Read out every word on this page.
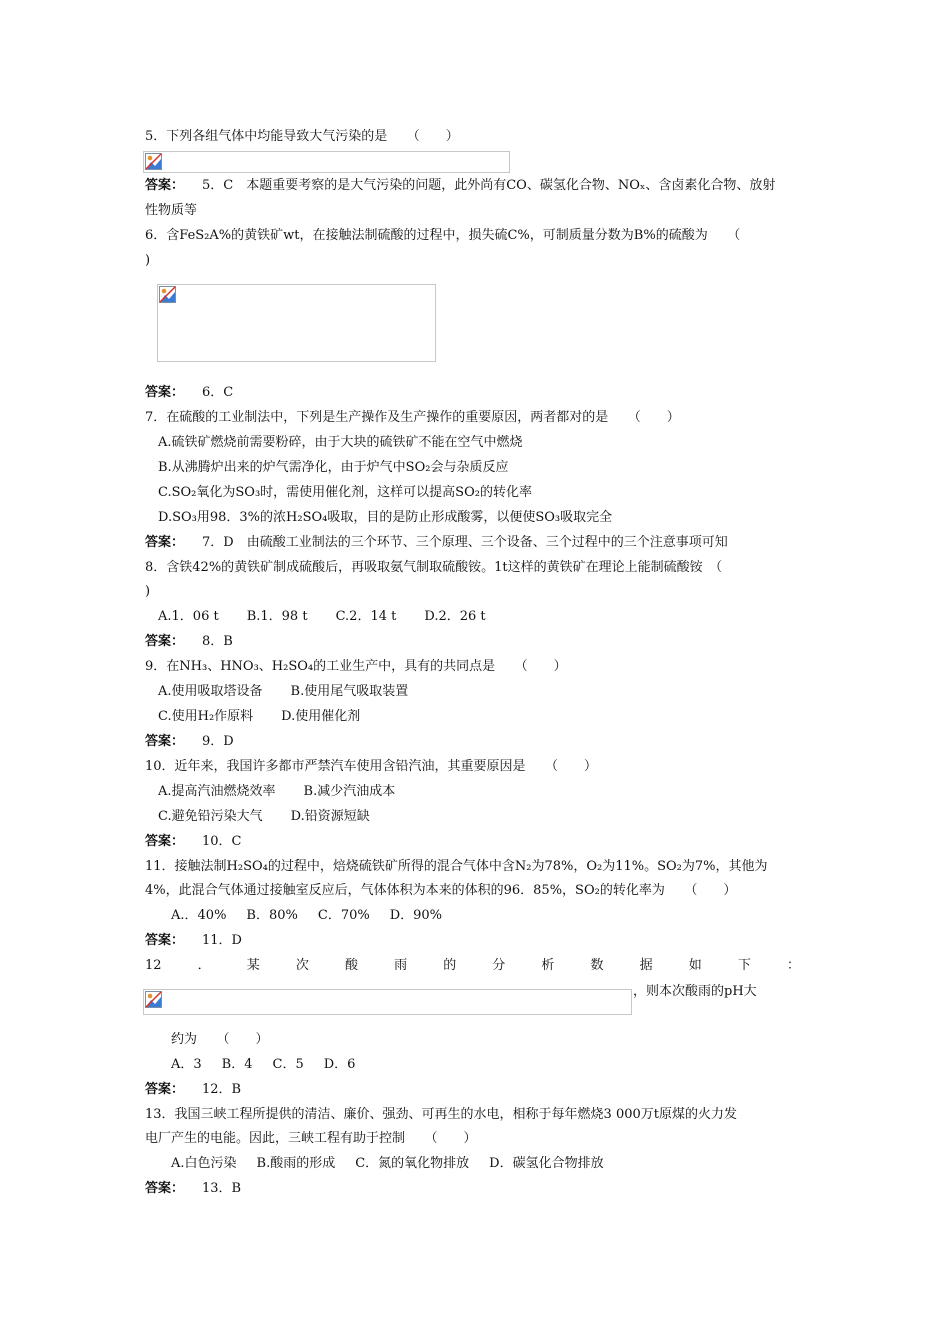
5．下列各组气体中均能导致大气污染的是　　（　　）
答案： 5．C　本题重要考察的是大气污染的问题，此外尚有CO、碳氢化合物、NOₓ、含卤素化合物、放射
性物质等
6．含FeS₂A%的黄铁矿wt，在接触法制硫酸的过程中，损失硫C%，可制质量分数为B%的硫酸为　　（
)
答案： 6．C
7．在硫酸的工业制法中，下列是生产操作及生产操作的重要原因，两者都对的是　　（　　）
A.硫铁矿燃烧前需要粉碎，由于大块的硫铁矿不能在空气中燃烧
B.从沸腾炉出来的炉气需净化，由于炉气中SO₂会与杂质反应
C.SO₂氧化为SO₃时，需使用催化剂，这样可以提高SO₂的转化率
D.SO₃用98．3%的浓H₂SO₄吸取，目的是防止形成酸雾，以便使SO₃吸取完全
答案： 7．D　由硫酸工业制法的三个环节、三个原理、三个设备、三个过程中的三个注意事项可知
8．含铁42%的黄铁矿制成硫酸后，再吸取氨气制取硫酸铵。1t这样的黄铁矿在理论上能制硫酸铵　（
)
A.1．06 t B.1．98 t C.2．14 t D.2．26 t
答案： 8．B
9．在NH₃、HNO₃、H₂SO₄的工业生产中，具有的共同点是　　（　　）
A.使用吸取塔设备 B.使用尾气吸取装置
C.使用H₂作原料 D.使用催化剂
答案： 9．D
10．近年来，我国许多都市严禁汽车使用含铅汽油，其重要原因是　　（　　）
A.提高汽油燃烧效率 B.减少汽油成本
C.避免铅污染大气 D.铅资源短缺
答案： 10．C
11．接触法制H₂SO₄的过程中，焙烧硫铁矿所得的混合气体中含N₂为78%，O₂为11%。SO₂为7%，其他为
4%，此混合气体通过接触室反应后，气体体积为本来的体积的96．85%，SO₂的转化率为　　（　　）
A.．40% B．80% C．70% D．90%
答案： 11．D
12	．	某	次	酸	雨	的	分	析	数	据	如	下	：
，则本次酸雨的pH大
约为　　（　　）
A．3 B．4 C．5 D．6
答案： 12．B
13．我国三峡工程所提供的清洁、廉价、强劲、可再生的水电，相称于每年燃烧3 000万t原煤的火力发
电厂产生的电能。因此，三峡工程有助于控制　　（　　）
A.白色污染 B.酸雨的形成 C．氮的氧化物排放 D．碳氢化合物排放
答案： 13．B
